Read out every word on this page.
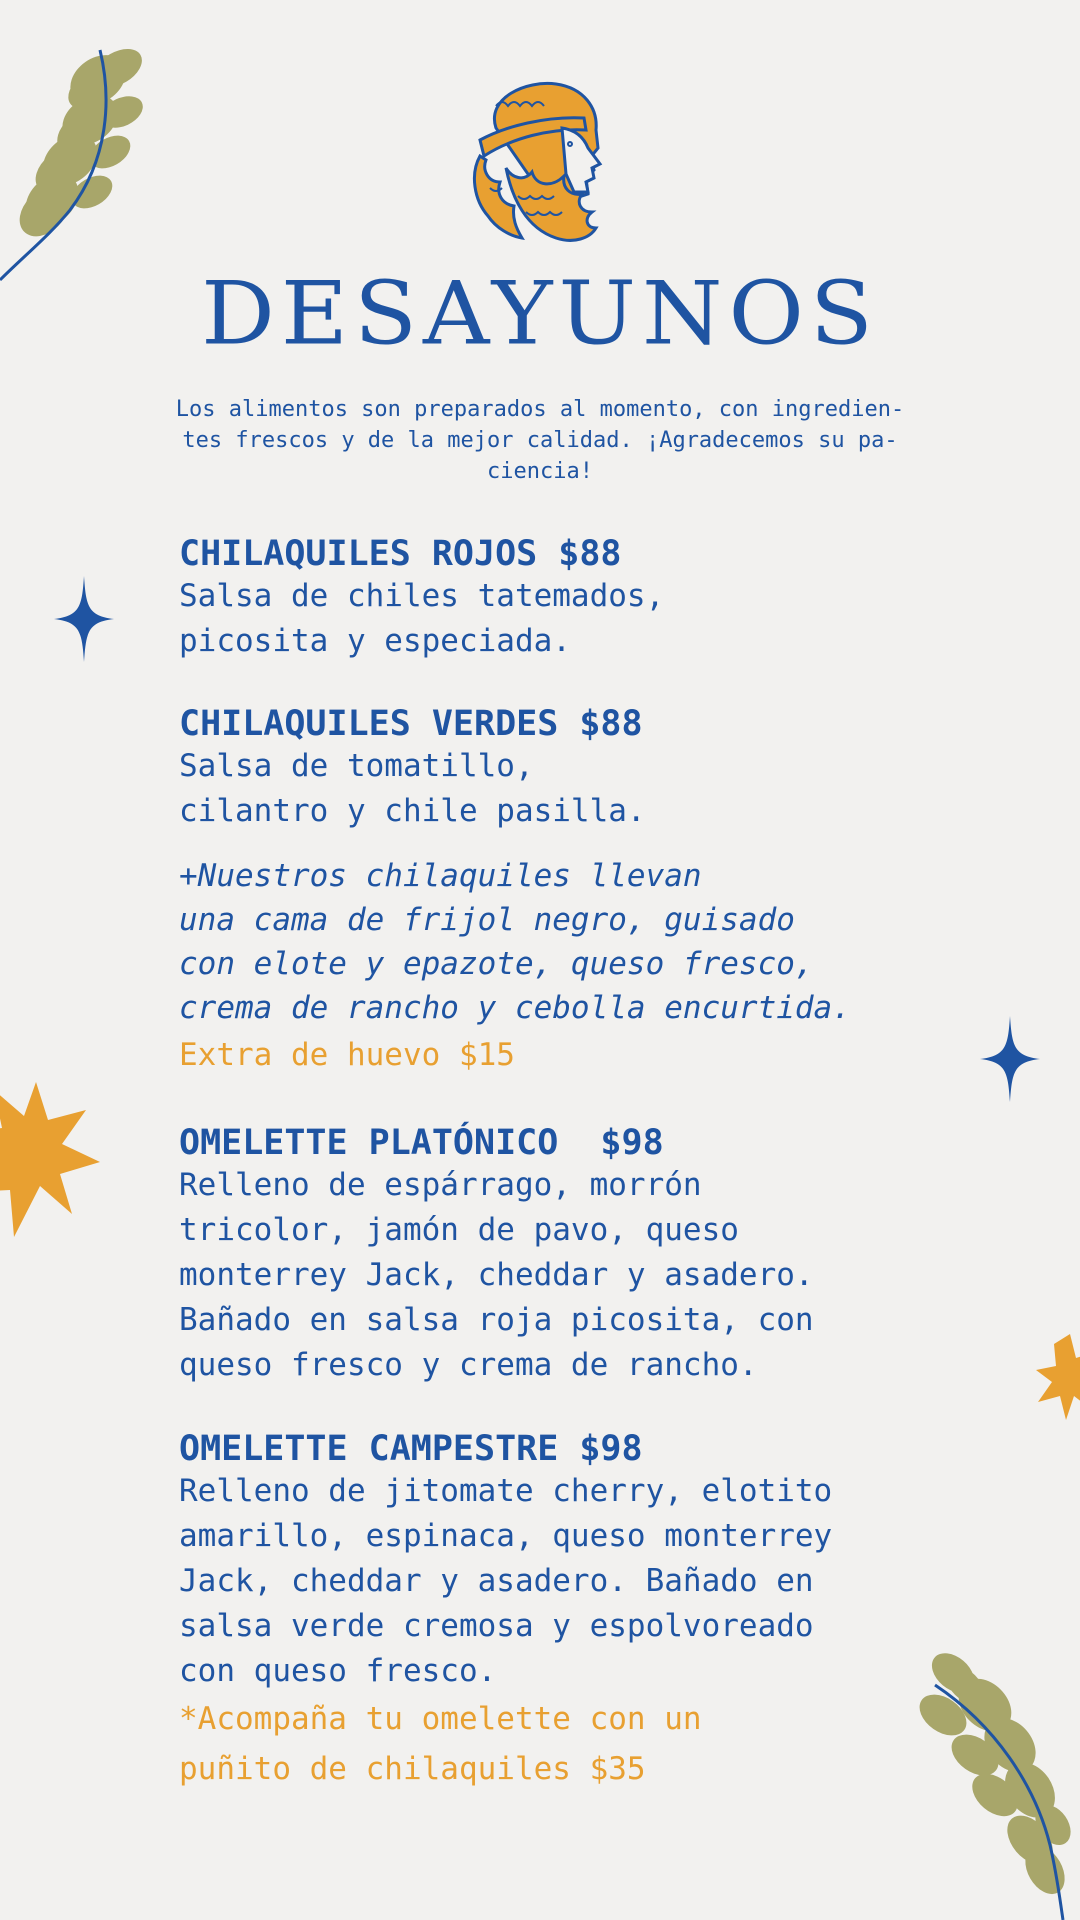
DESAYUNOS
Los alimentos son preparados al momento, con ingredien-
tes frescos y de la mejor calidad. ¡Agradecemos su pa-
ciencia!
CHILAQUILES ROJOS $88
Salsa de chiles tatemados,
picosita y especiada.
CHILAQUILES VERDES $88
Salsa de tomatillo,
cilantro y chile pasilla.
+Nuestros chilaquiles llevan
una cama de frijol negro, guisado
con elote y epazote, queso fresco,
crema de rancho y cebolla encurtida.
Extra de huevo $15
OMELETTE PLATÓNICO  $98
Relleno de espárrago, morrón
tricolor, jamón de pavo, queso
monterrey Jack, cheddar y asadero.
Bañado en salsa roja picosita, con
queso fresco y crema de rancho.
OMELETTE CAMPESTRE $98
Relleno de jitomate cherry, elotito
amarillo, espinaca, queso monterrey
Jack, cheddar y asadero. Bañado en
salsa verde cremosa y espolvoreado
con queso fresco.
*Acompaña tu omelette con un
puñito de chilaquiles $35
